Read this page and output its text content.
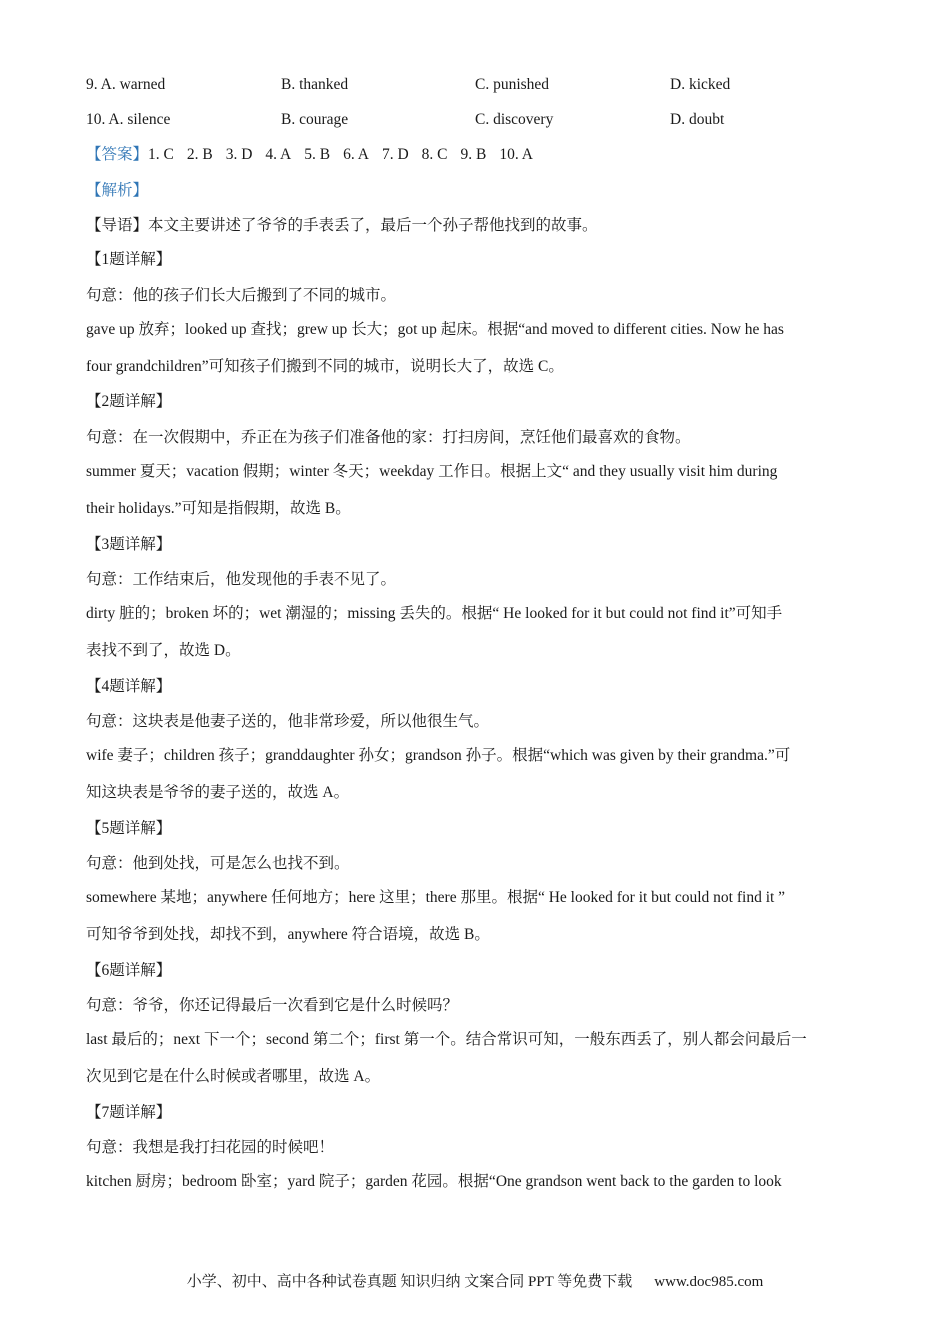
9. A. warned	B. thanked	C. punished	D. kicked
10. A. silence	B. courage	C. discovery	D. doubt
【答案】1. C 2. B 3. D 4. A 5. B 6. A 7. D 8. C 9. B 10. A
【解析】
【导语】本文主要讲述了爷爷的手表丢了，最后一个孙子帮他找到的故事。
【1题详解】
句意：他的孩子们长大后搬到了不同的城市。
gave up 放弃；looked up 查找；grew up 长大；got up 起床。根据“and moved to different cities. Now he has
four grandchildren”可知孩子们搬到不同的城市，说明长大了，故选 C。
【2题详解】
句意：在一次假期中，乔正在为孩子们准备他的家：打扫房间，烹饪他们最喜欢的食物。
summer 夏天；vacation 假期；winter 冬天；weekday 工作日。根据上文“ and they usually visit him during
their holidays.”可知是指假期，故选 B。
【3题详解】
句意：工作结束后，他发现他的手表不见了。
dirty 脏的；broken 坏的；wet 潮湿的；missing 丢失的。根据“ He looked for it but could not find it”可知手
表找不到了，故选 D。
【4题详解】
句意：这块表是他妻子送的，他非常珍爱，所以他很生气。
wife 妻子；children 孩子；granddaughter 孙女；grandson 孙子。根据“which was given by their grandma.”可
知这块表是爷爷的妻子送的，故选 A。
【5题详解】
句意：他到处找，可是怎么也找不到。
somewhere 某地；anywhere 任何地方；here 这里；there 那里。根据“ He looked for it but could not find it ”
可知爷爷到处找，却找不到，anywhere 符合语境，故选 B。
【6题详解】
句意：爷爷，你还记得最后一次看到它是什么时候吗？
last 最后的；next 下一个；second 第二个；first 第一个。结合常识可知，一般东西丢了，别人都会问最后一
次见到它是在什么时候或者哪里，故选 A。
【7题详解】
句意：我想是我打扫花园的时候吧！
kitchen 厨房；bedroom 卧室；yard 院子；garden 花园。根据“One grandson went back to the garden to look
小学、初中、高中各种试卷真题 知识归纳 文案合同 PPT 等免费下载 www.doc985.com
